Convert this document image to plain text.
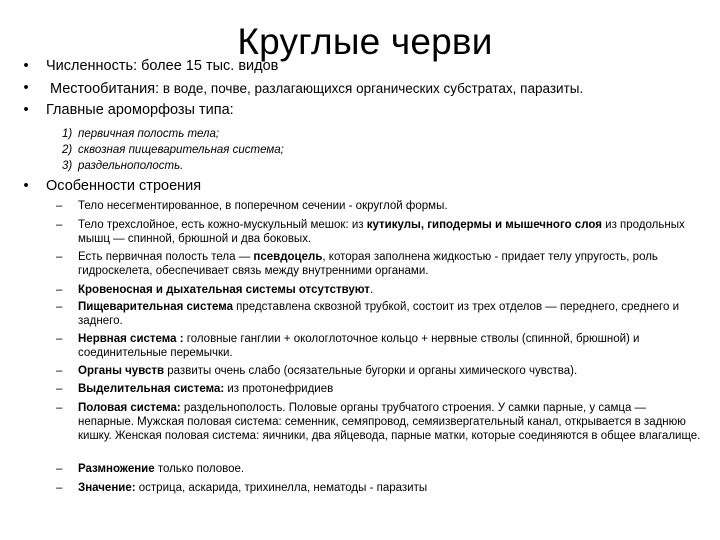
Круглые черви
• Численность: более 15 тыс. видов
• Местообитания: в воде, почве, разлагающихся органических субстратах, паразиты.
• Главные ароморфозы типа:
1) первичная полость тела;
2) сквозная пищеварительная система;
3) раздельнополость.
• Особенности строения
– Тело несегментированное, в поперечном сечении - округлой формы.
– Тело трехслойное, есть кожно-мускульный мешок: из кутикулы, гиподермы и мышечного слоя из продольных мышц — спинной, брюшной и два боковых.
– Есть первичная полость тела — псевдоцель, которая заполнена жидкостью - придает телу упругость, роль гидроскелета, обеспечивает связь между внутренними органами.
– Кровеносная и дыхательная системы отсутствуют.
– Пищеварительная система представлена сквозной трубкой, состоит из трех отделов — переднего, среднего и заднего.
– Нервная система : головные ганглии + окологлоточное кольцо + нервные стволы (спинной, брюшной) и соединительные перемычки.
– Органы чувств развиты очень слабо (осязательные бугорки и органы химического чувства).
– Выделительная система: из протонефридиев
– Половая система: раздельнополость. Половые органы трубчатого строения. У самки парные, у самца — непарные. Мужская половая система: семенник, семяпровод, семяизвергательный канал, открывается в заднюю кишку. Женская половая система: яичники, два яйцевода, парные матки, которые соединяются в общее влагалище.
– Размножение только половое.
– Значение: острица, аскарида, трихинелла, нематоды - паразиты
